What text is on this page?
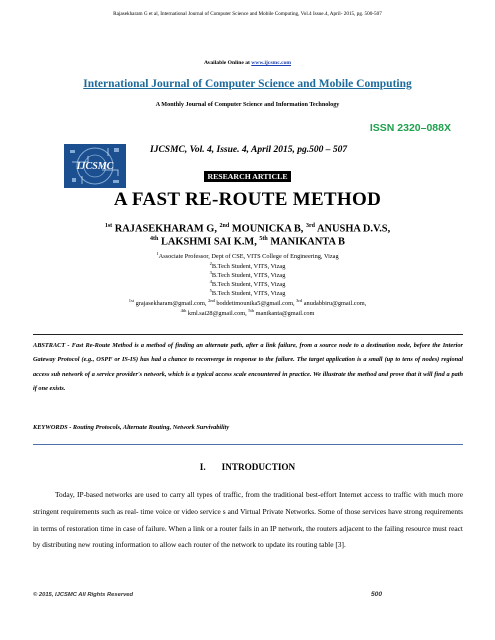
Rajasekharam G et al, International Journal of Computer Science and Mobile Computing, Vol.4 Issue.4, April- 2015, pg. 500-507
Available Online at www.ijcsmc.com
International Journal of Computer Science and Mobile Computing
A Monthly Journal of Computer Science and Information Technology
ISSN 2320–088X
IJCSMC
IJCSMC, Vol. 4, Issue. 4, April 2015, pg.500 – 507
RESEARCH ARTICLE
A FAST RE-ROUTE METHOD
$^{1st}$ RAJASEKHARAM G, $^{2nd}$ MOUNICKA B, $^{3rd}$ ANUSHA D.V.S,
$^{4th}$ LAKSHMI SAI K.M, $^{5th}$ MANIKANTA B
$^1$Associate Professor, Dept of CSE, VITS College of Engineering, Vizag
$^2$B.Tech Student, VITS, Vizag
$^3$B.Tech Student, VITS, Vizag
$^4$B.Tech Student, VITS, Vizag
$^5$B.Tech Student, VITS, Vizag
$^{1st}$ grajasekharam@gmail.com, $^{2nd}$ boddetimounika5@gmail.com, $^{3rd}$ anudabbiru@gmail.com,
$^{4th}$ kml.sai28@gmail.com, $^{5th}$ manikanta@gmail.com
ABSTRACT - Fast Re-Route Method is a method of finding an alternate path, after a link failure, from a source node to a destination node, before the Interior Gateway Protocol (e.g., OSPF or IS-IS) has had a chance to reconverge in response to the failure. The target application is a small (up to tens of nodes) regional access sub network of a service provider's network, which is a typical access scale encountered in practice. We illustrate the method and prove that it will find a path if one exists.
KEYWORDS - Routing Protocols, Alternate Routing, Network Survivability
I. INTRODUCTION

Today, IP-based networks are used to carry all types of traffic, from the traditional best-effort Internet access to traffic with much more stringent requirements such as real- time voice or video service s and Virtual Private Networks. Some of those services have strong requirements in terms of restoration time in case of failure. When a link or a router fails in an IP network, the routers adjacent to the failing resource must react by distributing new routing information to allow each router of the network to update its routing table [3].

© 2015, IJCSMC All Rights Reserved	500
